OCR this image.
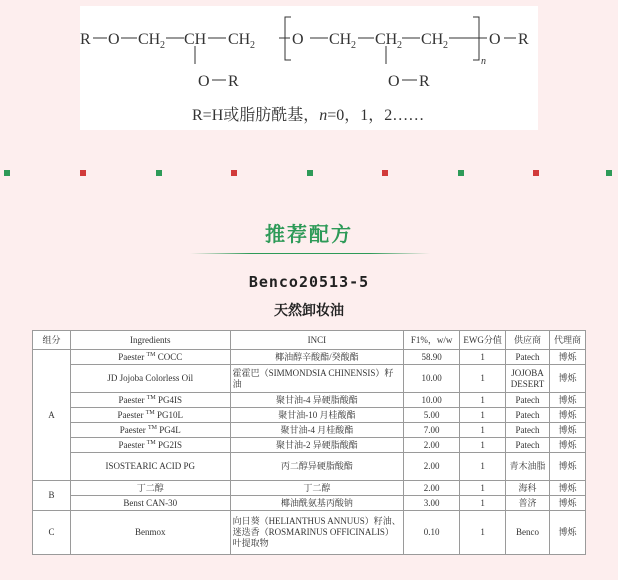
R O CH 2 CH CH 2 O CH 2 CH 2 CH 2
n
O R
O R	O R
R=H或脂肪酰基，n=0，1，2……
推荐配方
Benco20513-5
天然卸妆油
组分	Ingredients	INCI	F1%，w/w	EWG分值	供应商	代理商
A	Paester ™ COCC	椰油醇辛酸酯/癸酸酯	58.90	1	Patech	博烁
	JD Jojoba Colorless Oil	霍霍巴（SIMMONDSIA CHINENSIS）籽油	10.00	1	JOJOBA DESERT	博烁
	Paester ™ PG4IS	聚甘油-4 异硬脂酸酯	10.00	1	Patech	博烁
	Paester ™ PG10L	聚甘油-10 月桂酸酯	5.00	1	Patech	博烁
	Paester ™ PG4L	聚甘油-4 月桂酸酯	7.00	1	Patech	博烁
	Paester ™ PG2IS	聚甘油-2 异硬脂酸酯	2.00	1	Patech	博烁
	ISOSTEARIC ACID PG	丙二醇异硬脂酸酯	2.00	1	青木油脂	博烁
B	丁二醇	丁二醇	2.00	1	海科	博烁
	Benst CAN-30	椰油酰氨基丙酸钠	3.00	1	普济	博烁
C	Benmox	向日葵（HELIANTHUS ANNUUS）籽油、迷迭香（ROSMARINUS OFFICINALIS）叶提取物	0.10	1	Benco	博烁
